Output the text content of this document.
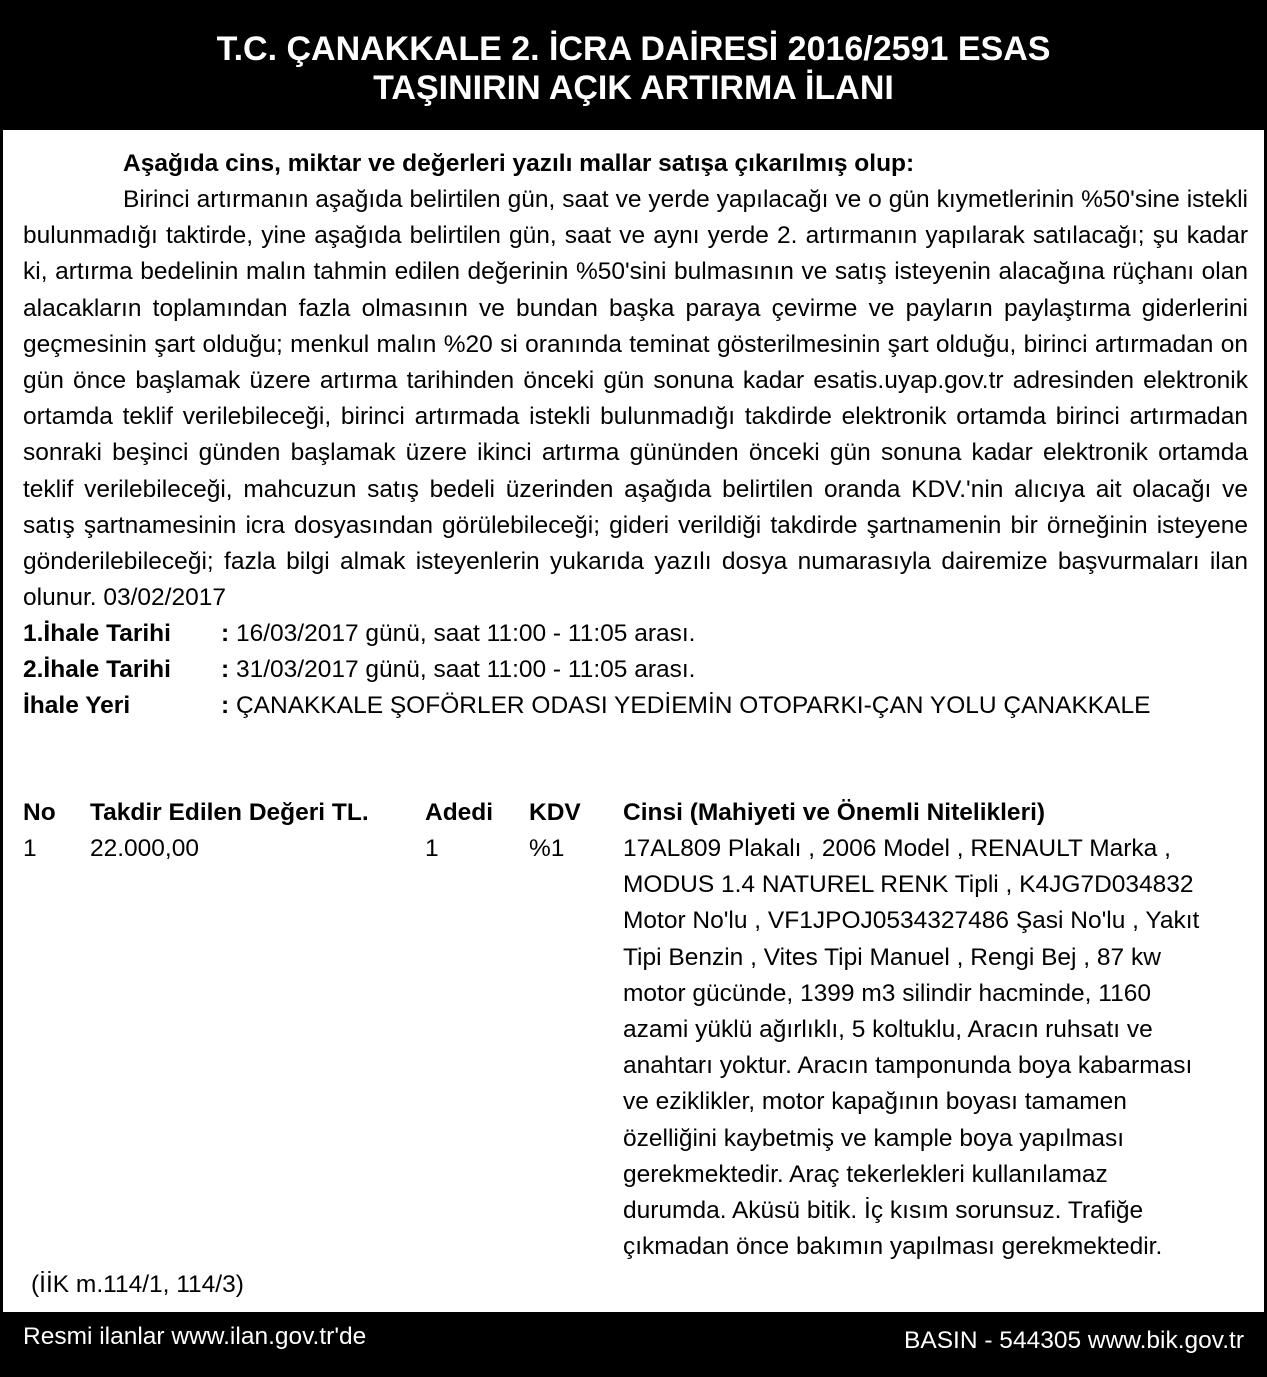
T.C. ÇANAKKALE 2. İCRA DAİRESİ 2016/2591 ESAS
TAŞINIRIN AÇIK ARTIRMA İLANI
Aşağıda cins, miktar ve değerleri yazılı mallar satışa çıkarılmış olup:
Birinci artırmanın aşağıda belirtilen gün, saat ve yerde yapılacağı ve o gün kıymetlerinin %50'sine istekli bulunmadığı taktirde, yine aşağıda belirtilen gün, saat ve aynı yerde 2. artırmanın yapılarak satılacağı; şu kadar ki, artırma bedelinin malın tahmin edilen değerinin %50'sini bulmasının ve satış isteyenin alacağına rüçhanı olan alacakların toplamından fazla olmasının ve bundan başka paraya çevirme ve payların paylaştırma giderlerini geçmesinin şart olduğu; menkul malın %20 si oranında teminat gösterilmesinin şart olduğu, birinci artırmadan on gün önce başlamak üzere artırma tarihinden önceki gün sonuna kadar esatis.uyap.gov.tr adresinden elektronik ortamda teklif verilebileceği, birinci artırmada istekli bulunmadığı takdirde elektronik ortamda birinci artırmadan sonraki beşinci günden başlamak üzere ikinci artırma gününden önceki gün sonuna kadar elektronik ortamda teklif verilebileceği, mahcuzun satış bedeli üzerinden aşağıda belirtilen oranda KDV.'nin alıcıya ait olacağı ve satış şartnamesinin icra dosyasından görülebileceği; gideri verildiği takdirde şartnamenin bir örneğinin isteyene gönderilebileceği; fazla bilgi almak isteyenlerin yukarıda yazılı dosya numarasıyla dairemize başvurmaları ilan olunur. 03/02/2017
1.İhale Tarihi	: 16/03/2017 günü, saat 11:00 - 11:05 arası.
2.İhale Tarihi	: 31/03/2017 günü, saat 11:00 - 11:05 arası.
İhale Yeri	: ÇANAKKALE ŞOFÖRLER ODASI YEDİEMİN OTOPARKI-ÇAN YOLU ÇANAKKALE
No	Takdir Edilen Değeri TL.	Adedi	KDV	Cinsi (Mahiyeti ve Önemli Nitelikleri)
1	22.000,00	1	%1	17AL809 Plakalı , 2006 Model , RENAULT Marka ,
MODUS 1.4 NATUREL RENK Tipli , K4JG7D034832
Motor No'lu , VF1JPOJ0534327486 Şasi No'lu , Yakıt
Tipi Benzin , Vites Tipi Manuel , Rengi Bej , 87 kw
motor gücünde, 1399 m3 silindir hacminde, 1160
azami yüklü ağırlıklı, 5 koltuklu, Aracın ruhsatı ve
anahtarı yoktur. Aracın tamponunda boya kabarması
ve eziklikler, motor kapağının boyası tamamen
özelliğini kaybetmiş ve kample boya yapılması
gerekmektedir. Araç tekerlekleri kullanılamaz
durumda. Aküsü bitik. İç kısım sorunsuz. Trafiğe
çıkmadan önce bakımın yapılması gerekmektedir.
(İİK m.114/1, 114/3)
Resmi ilanlar www.ilan.gov.tr'de	BASIN - 544305 www.bik.gov.tr
